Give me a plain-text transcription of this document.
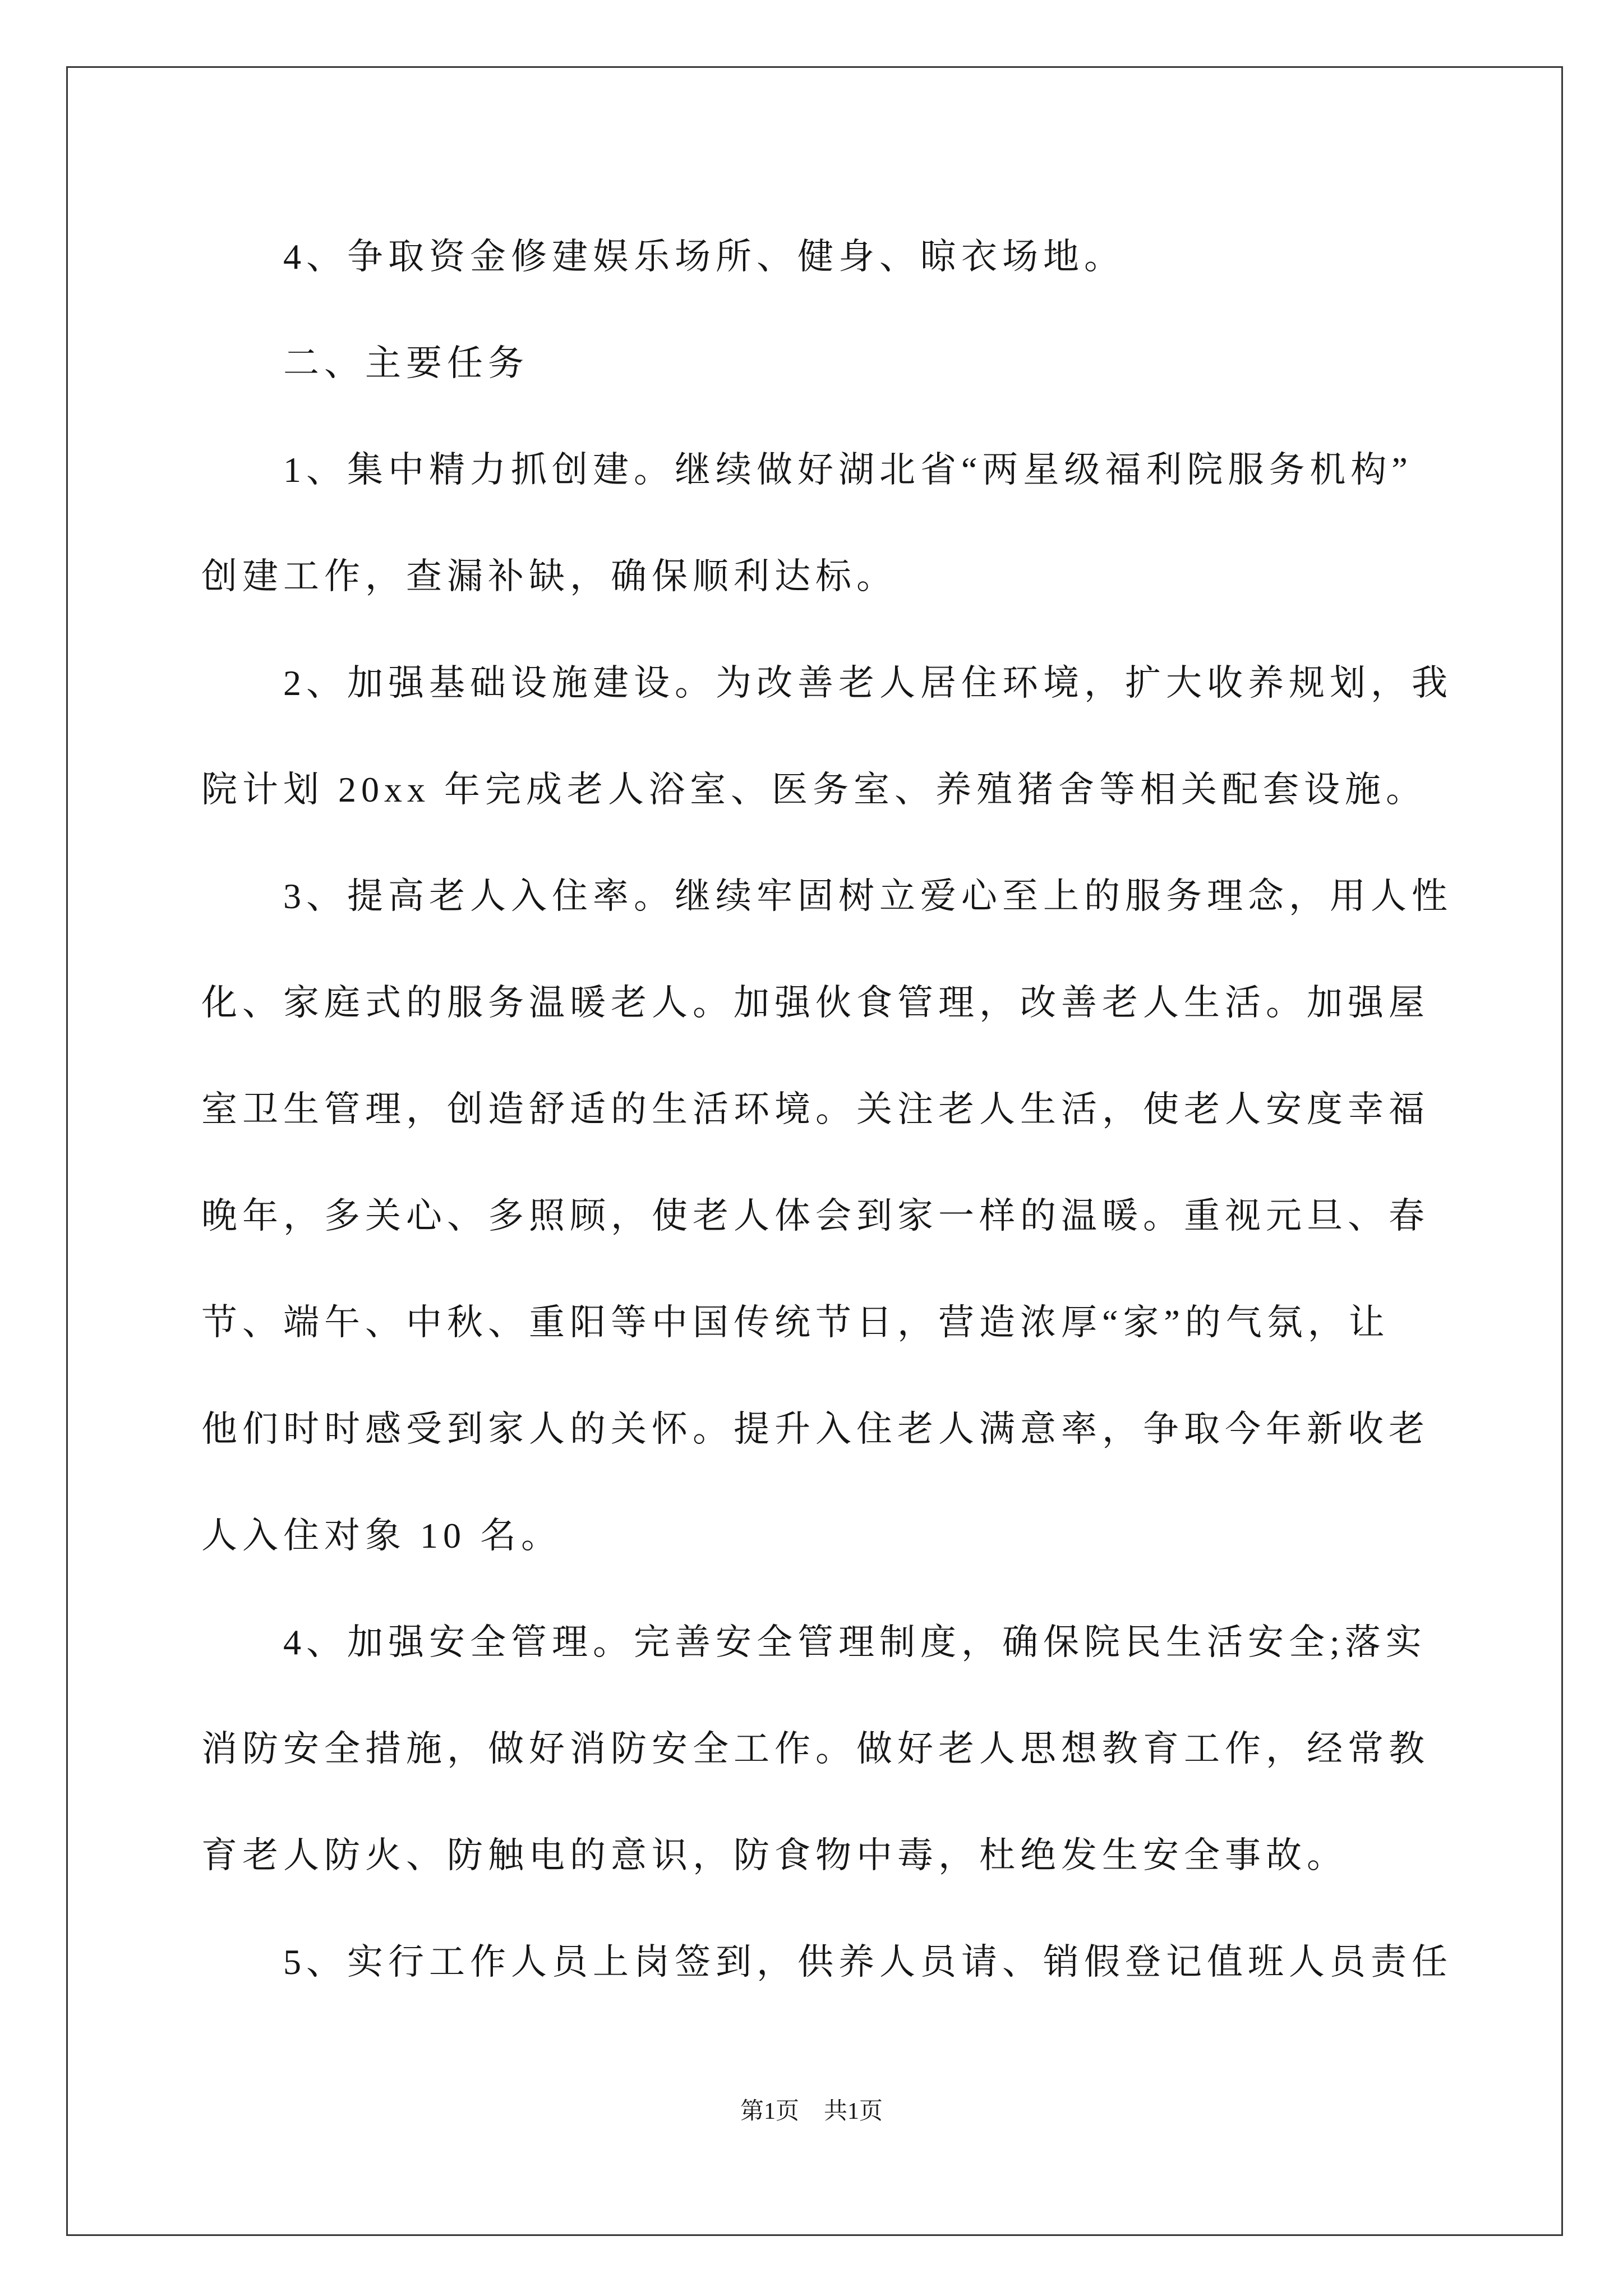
4、争取资金修建娱乐场所、健身、晾衣场地。
二、主要任务
1、集中精力抓创建。继续做好湖北省“两星级福利院服务机构”
创建工作，查漏补缺，确保顺利达标。
2、加强基础设施建设。为改善老人居住环境，扩大收养规划，我
院计划 20xx 年完成老人浴室、医务室、养殖猪舍等相关配套设施。
3、提高老人入住率。继续牢固树立爱心至上的服务理念，用人性
化、家庭式的服务温暖老人。加强伙食管理，改善老人生活。加强屋
室卫生管理，创造舒适的生活环境。关注老人生活，使老人安度幸福
晚年，多关心、多照顾，使老人体会到家一样的温暖。重视元旦、春
节、端午、中秋、重阳等中国传统节日，营造浓厚“家”的气氛，让
他们时时感受到家人的关怀。提升入住老人满意率，争取今年新收老
人入住对象 10 名。
4、加强安全管理。完善安全管理制度，确保院民生活安全;落实
消防安全措施，做好消防安全工作。做好老人思想教育工作，经常教
育老人防火、防触电的意识，防食物中毒，杜绝发生安全事故。
5、实行工作人员上岗签到，供养人员请、销假登记值班人员责任
第1页 共1页
